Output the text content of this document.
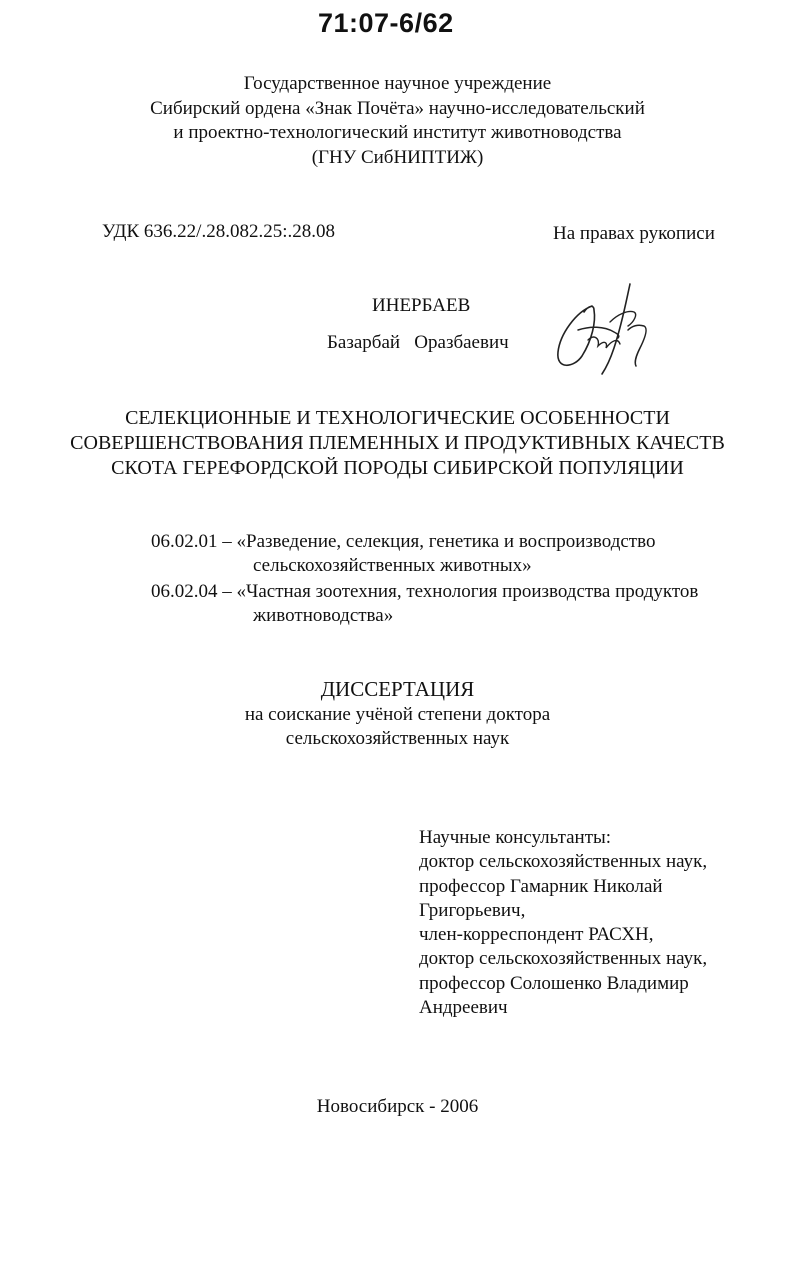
71:07-6/62
Государственное научное учреждение
Сибирский ордена «Знак Почёта» научно-исследовательский
и проектно-технологический институт животноводства
(ГНУ СибНИПТИЖ)
УДК 636.22/.28.082.25:.28.08	На правах рукописи
ИНЕРБАЕВ
Базарбай   Оразбаевич
СЕЛЕКЦИОННЫЕ И ТЕХНОЛОГИЧЕСКИЕ ОСОБЕННОСТИ
СОВЕРШЕНСТВОВАНИЯ ПЛЕМЕННЫХ И ПРОДУКТИВНЫХ КАЧЕСТВ
СКОТА ГЕРЕФОРДСКОЙ ПОРОДЫ СИБИРСКОЙ ПОПУЛЯЦИИ
06.02.01 – «Разведение, селекция, генетика и воспроизводство
сельскохозяйственных животных»
06.02.04 – «Частная зоотехния, технология производства продуктов
животноводства»
ДИССЕРТАЦИЯ
на соискание учёной степени доктора
сельскохозяйственных наук
Научные консультанты:
доктор сельскохозяйственных наук,
профессор Гамарник Николай
Григорьевич,
член-корреспондент РАСХН,
доктор сельскохозяйственных наук,
профессор Солошенко Владимир
Андреевич
Новосибирск - 2006
